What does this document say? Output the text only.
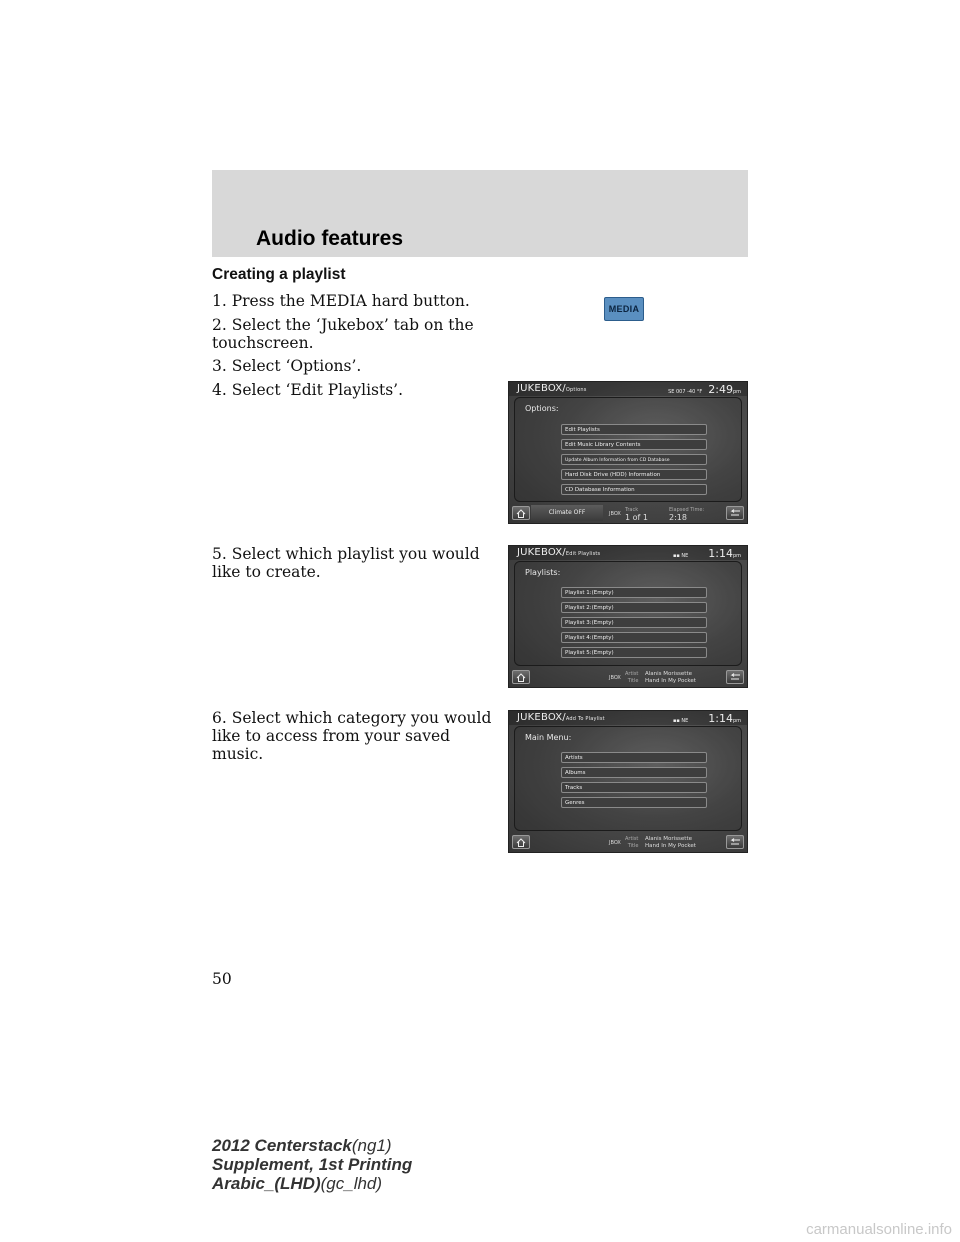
Audio features
Creating a playlist
1. Press the MEDIA hard button.
2. Select the ‘Jukebox’ tab on the touchscreen.
3. Select ‘Options’.
4. Select ‘Edit Playlists’.
5. Select which playlist you would like to create.
6. Select which category you would like to access from your saved music.
MEDIA
JUKEBOX/Options	SE 007 -40 °F 2:49pm
Options:
Edit Playlists
Edit Music Library Contents
Update Album Information from CD Database
Hard Disk Drive (HDD) Information
CD Database Information
Climate OFF	JBOX
Track
1 of 1
Elapsed Time:
2:18
JUKEBOX/Edit Playlists	▪▪ NE 1:14pm
Playlists:
Playlist 1:(Empty)
Playlist 2:(Empty)
Playlist 3:(Empty)
Playlist 4:(Empty)
Playlist 5:(Empty)
JBOX
Artist
Title
Alanis Morissette
Hand In My Pocket
JUKEBOX/Add To Playlist	▪▪ NE 1:14pm
Main Menu:
Artists
Albums
Tracks
Genres
JBOX
Artist
Title
Alanis Morissette
Hand In My Pocket
50
2012 Centerstack(ng1)
Supplement, 1st Printing
Arabic_(LHD)(gc_lhd)
carmanualsonline.info
